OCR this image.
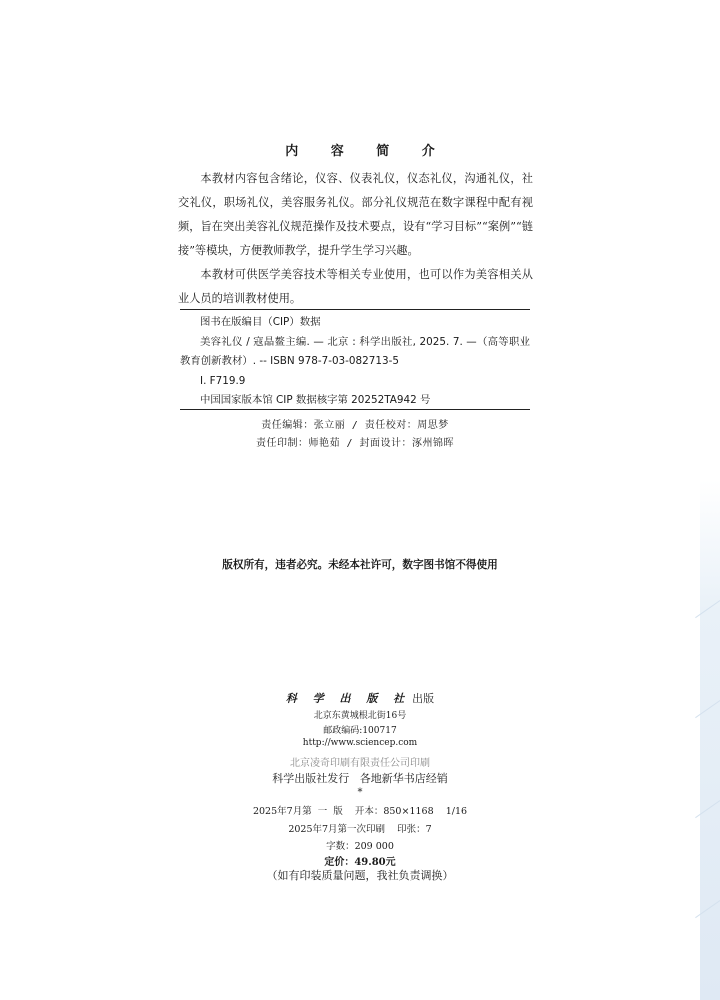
内 容 简 介

本教材内容包含绪论，仪容、仪表礼仪，仪态礼仪，沟通礼仪，社交礼仪，职场礼仪，美容服务礼仪。部分礼仪规范在数字课程中配有视频，旨在突出美容礼仪规范操作及技术要点，设有“学习目标”“案例”“链接”等模块，方便教师教学，提升学生学习兴趣。

本教材可供医学美容技术等相关专业使用，也可以作为美容相关从业人员的培训教材使用。

图书在版编目（CIP）数据
美容礼仪 / 寇晶鳌主编. — 北京 : 科学出版社, 2025. 7. —（高等职业教育创新教材）. -- ISBN 978-7-03-082713-5
Ⅰ. F719.9
中国国家版本馆 CIP 数据核字第 20252TA942 号
责任编辑：张立丽 / 责任校对：周思梦
责任印制：师艳茹 / 封面设计：涿州锦晖
版权所有，违者必究。未经本社许可，数字图书馆不得使用
科 学 出 版 社 出版
北京东黄城根北街16号
邮政编码:100717
http://www.sciencep.com
北京凌奇印刷有限责任公司印刷
科学出版社发行   各地新华书店经销
*
2025年7月第  一  版    开本：850×1168    1/16
2025年7月第一次印刷    印张：7
字数：209 000
定价：49.80元
（如有印装质量问题，我社负责调换）
